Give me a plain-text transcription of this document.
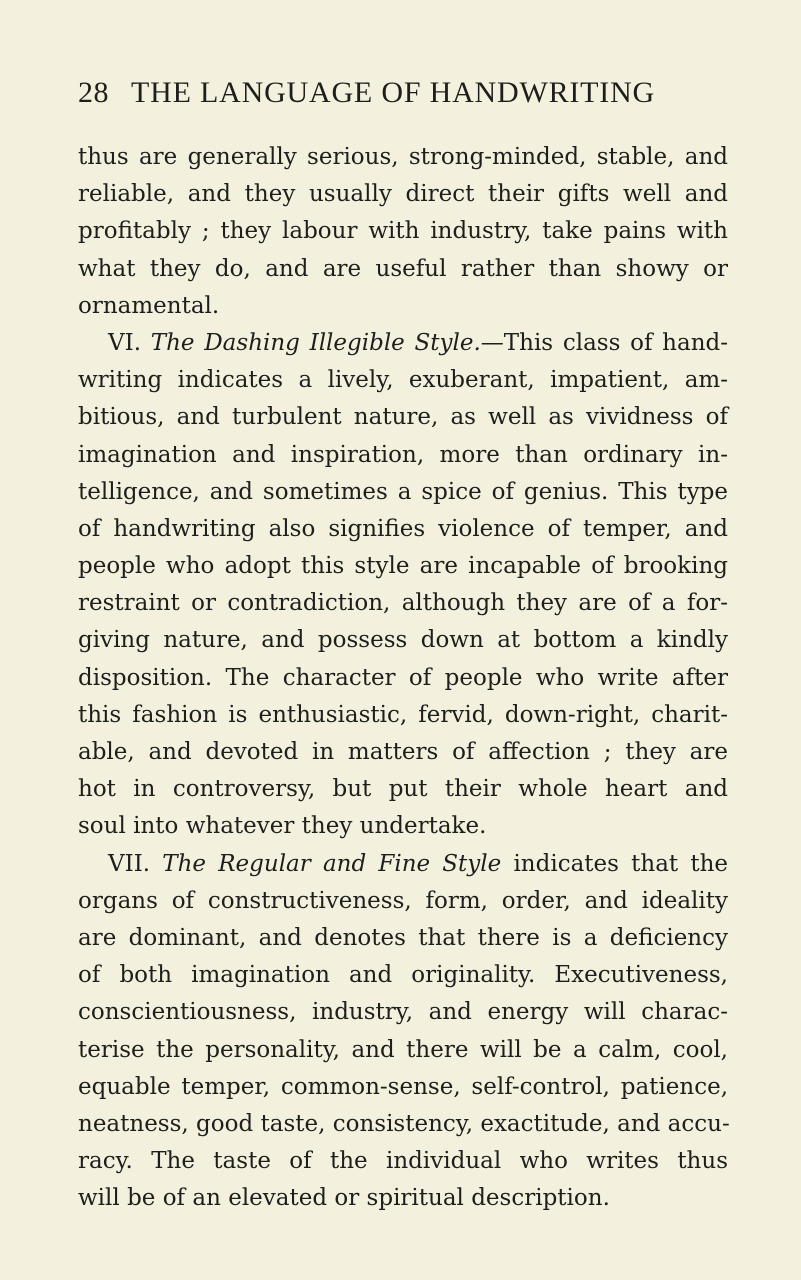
28 THE LANGUAGE OF HANDWRITING
thus are generally serious, strong-minded, stable, and
reliable, and they usually direct their gifts well and
profitably ; they labour with industry, take pains with
what they do, and are useful rather than showy or
ornamental.
VI. The Dashing Illegible Style.—This class of hand-
writing indicates a lively, exuberant, impatient, am-
bitious, and turbulent nature, as well as vividness of
imagination and inspiration, more than ordinary in-
telligence, and sometimes a spice of genius. This type
of handwriting also signifies violence of temper, and
people who adopt this style are incapable of brooking
restraint or contradiction, although they are of a for-
giving nature, and possess down at bottom a kindly
disposition. The character of people who write after
this fashion is enthusiastic, fervid, down-right, charit-
able, and devoted in matters of affection ; they are
hot in controversy, but put their whole heart and
soul into whatever they undertake.
VII. The Regular and Fine Style indicates that the
organs of constructiveness, form, order, and ideality
are dominant, and denotes that there is a deficiency
of both imagination and originality. Executiveness,
conscientiousness, industry, and energy will charac-
terise the personality, and there will be a calm, cool,
equable temper, common-sense, self-control, patience,
neatness, good taste, consistency, exactitude, and accu-
racy. The taste of the individual who writes thus
will be of an elevated or spiritual description.
